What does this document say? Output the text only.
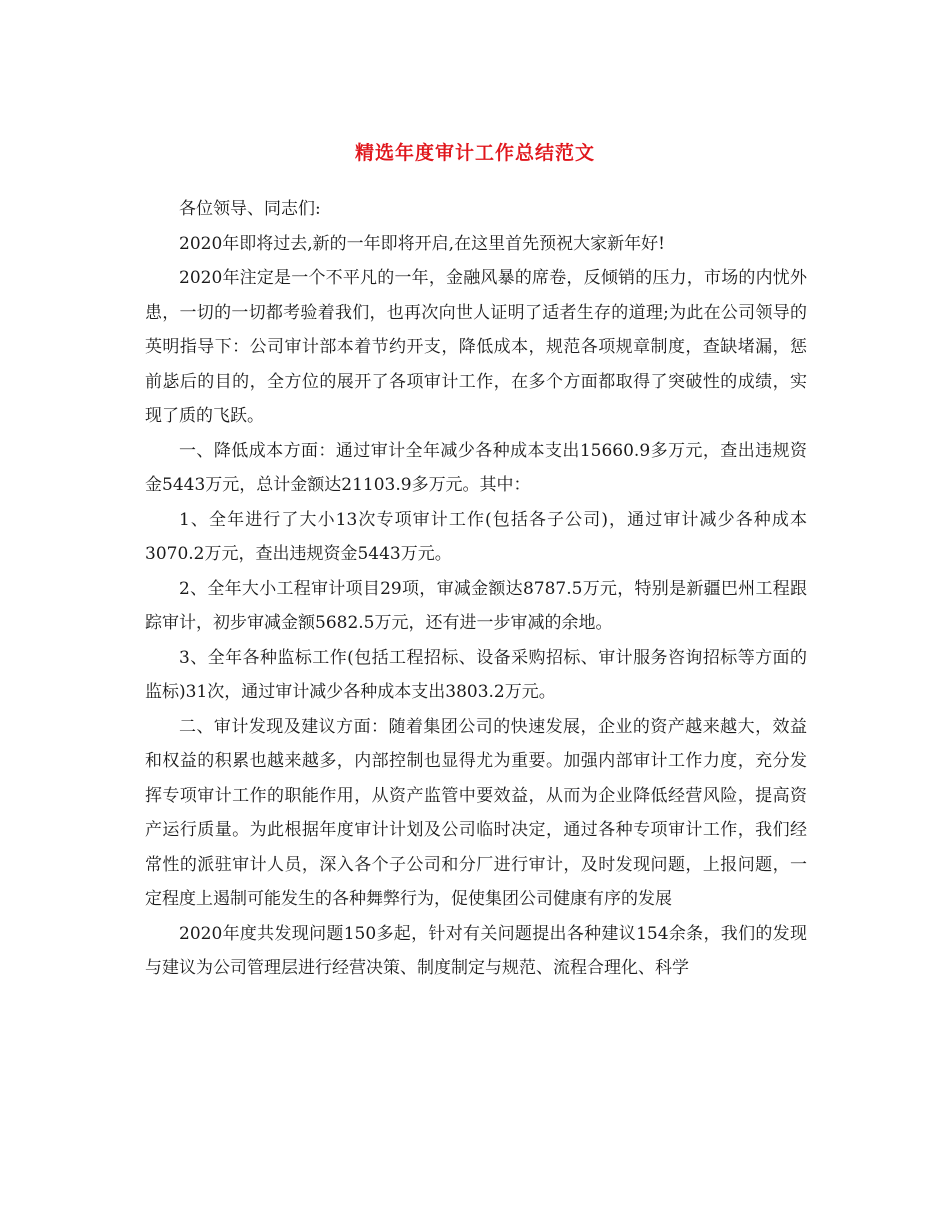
精选年度审计工作总结范文

各位领导、同志们:

2020年即将过去,新的一年即将开启,在这里首先预祝大家新年好!

2020年注定是一个不平凡的一年，金融风暴的席卷，反倾销的压力，市场的内忧外患，一切的一切都考验着我们，也再次向世人证明了适者生存的道理;为此在公司领导的英明指导下：公司审计部本着节约开支，降低成本，规范各项规章制度，查缺堵漏，惩前毖后的目的，全方位的展开了各项审计工作，在多个方面都取得了突破性的成绩，实现了质的飞跃。

一、降低成本方面：通过审计全年减少各种成本支出15660.9多万元，查出违规资金5443万元，总计金额达21103.9多万元。其中：

1、全年进行了大小13次专项审计工作(包括各子公司)，通过审计减少各种成本3070.2万元，查出违规资金5443万元。

2、全年大小工程审计项目29项，审减金额达8787.5万元，特别是新疆巴州工程跟踪审计，初步审减金额5682.5万元，还有进一步审减的余地。

3、全年各种监标工作(包括工程招标、设备采购招标、审计服务咨询招标等方面的监标)31次，通过审计减少各种成本支出3803.2万元。

二、审计发现及建议方面：随着集团公司的快速发展，企业的资产越来越大，效益和权益的积累也越来越多，内部控制也显得尤为重要。加强内部审计工作力度，充分发挥专项审计工作的职能作用，从资产监管中要效益，从而为企业降低经营风险，提高资产运行质量。为此根据年度审计计划及公司临时决定，通过各种专项审计工作，我们经常性的派驻审计人员，深入各个子公司和分厂进行审计，及时发现问题，上报问题，一定程度上遏制可能发生的各种舞弊行为，促使集团公司健康有序的发展

2020年度共发现问题150多起，针对有关问题提出各种建议154余条，我们的发现与建议为公司管理层进行经营决策、制度制定与规范、流程合理化、科学
